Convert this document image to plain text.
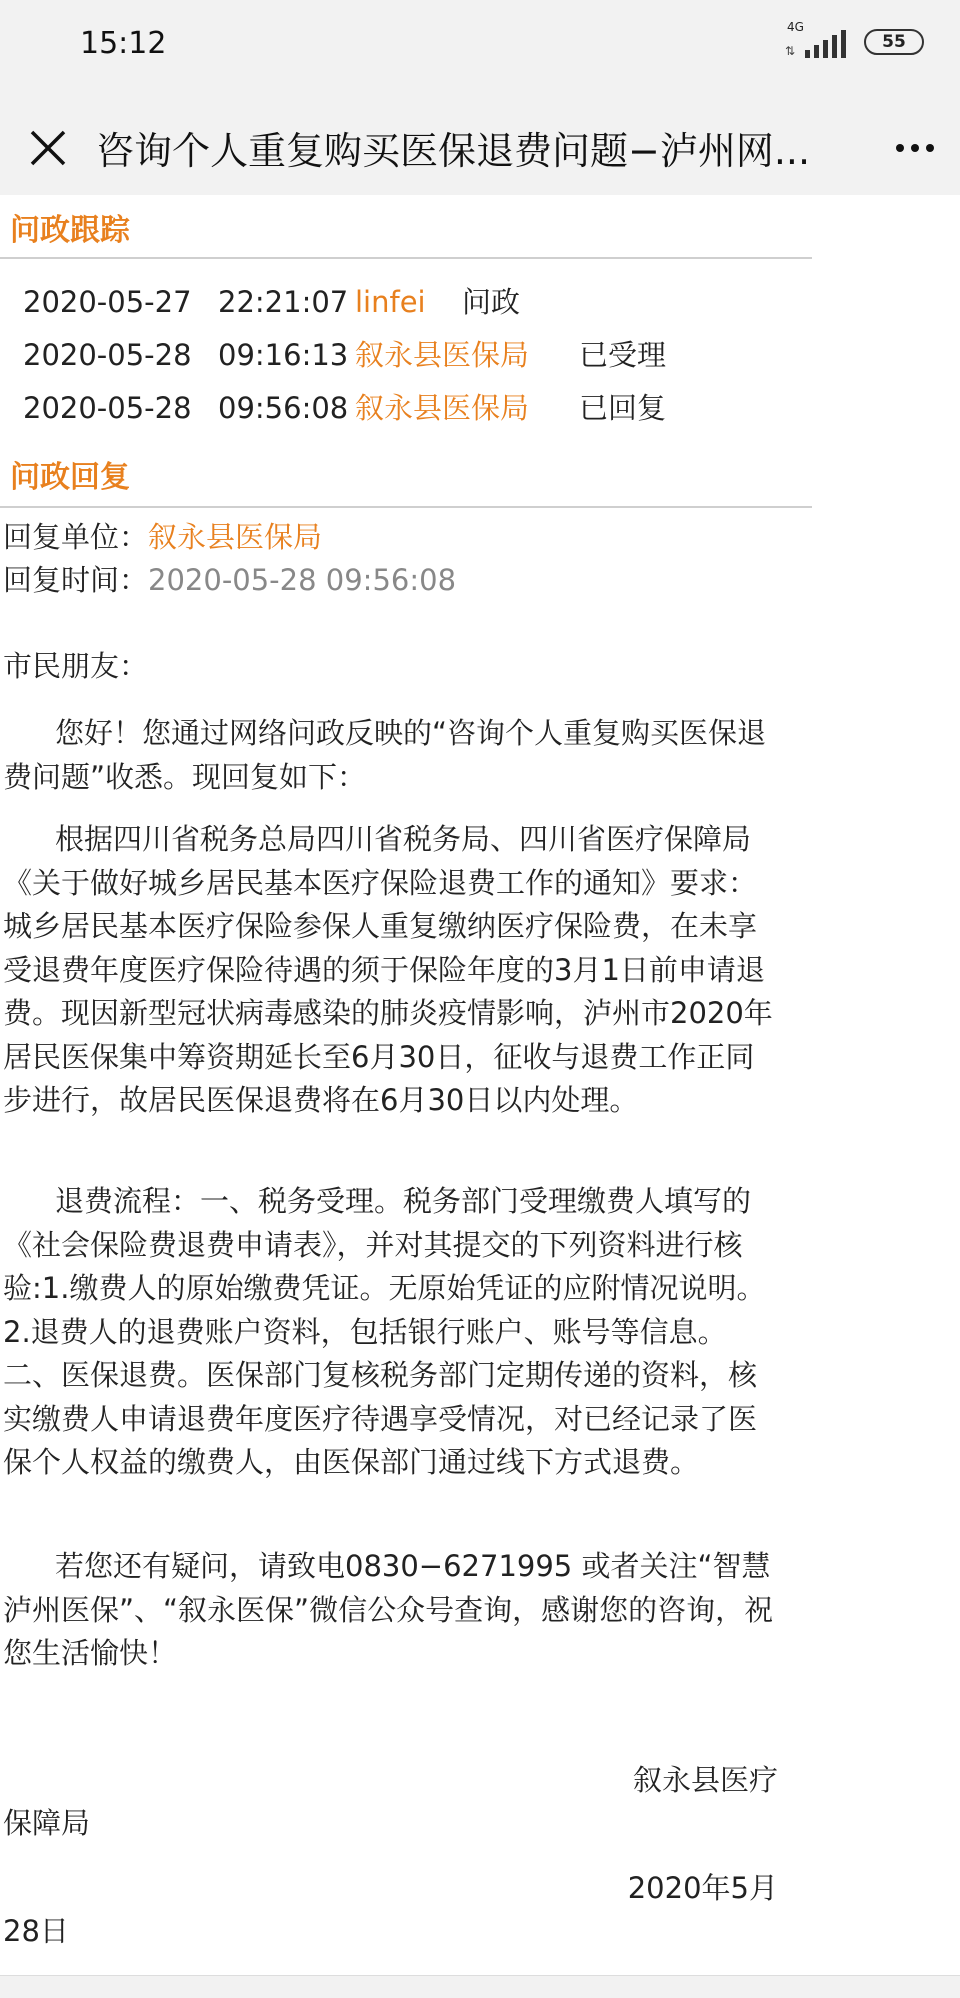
15:12	4G
⇅	55
咨询个人重复购买医保退费问题−泸州网...
问政跟踪
2020-05-27 22:21:07 linfei 问政
2020-05-28 09:16:13 叙永县医保局 已受理
2020-05-28 09:56:08 叙永县医保局 已回复
问政回复
回复单位：叙永县医保局
回复时间：2020-05-28 09:56:08
市民朋友：
您好！您通过网络问政反映的“咨询个人重复购买医保退费问题”收悉。现回复如下：
根据四川省税务总局四川省税务局、四川省医疗保障局《关于做好城乡居民基本医疗保险退费工作的通知》要求：城乡居民基本医疗保险参保人重复缴纳医疗保险费，在未享受退费年度医疗保险待遇的须于保险年度的3月1日前申请退费。现因新型冠状病毒感染的肺炎疫情影响，泸州市2020年居民医保集中筹资期延长至6月30日，征收与退费工作正同步进行，故居民医保退费将在6月30日以内处理。
退费流程：一、税务受理。税务部门受理缴费人填写的《社会保险费退费申请表》，并对其提交的下列资料进行核验:1.缴费人的原始缴费凭证。无原始凭证的应附情况说明。2.退费人的退费账户资料，包括银行账户、账号等信息。二、医保退费。医保部门复核税务部门定期传递的资料，核实缴费人申请退费年度医疗待遇享受情况，对已经记录了医保个人权益的缴费人，由医保部门通过线下方式退费。
若您还有疑问，请致电0830−6271995 或者关注“智慧泸州医保”、“叙永医保”微信公众号查询，感谢您的咨询，祝您生活愉快！
叙永县医疗
保障局
2020年5月
28日
